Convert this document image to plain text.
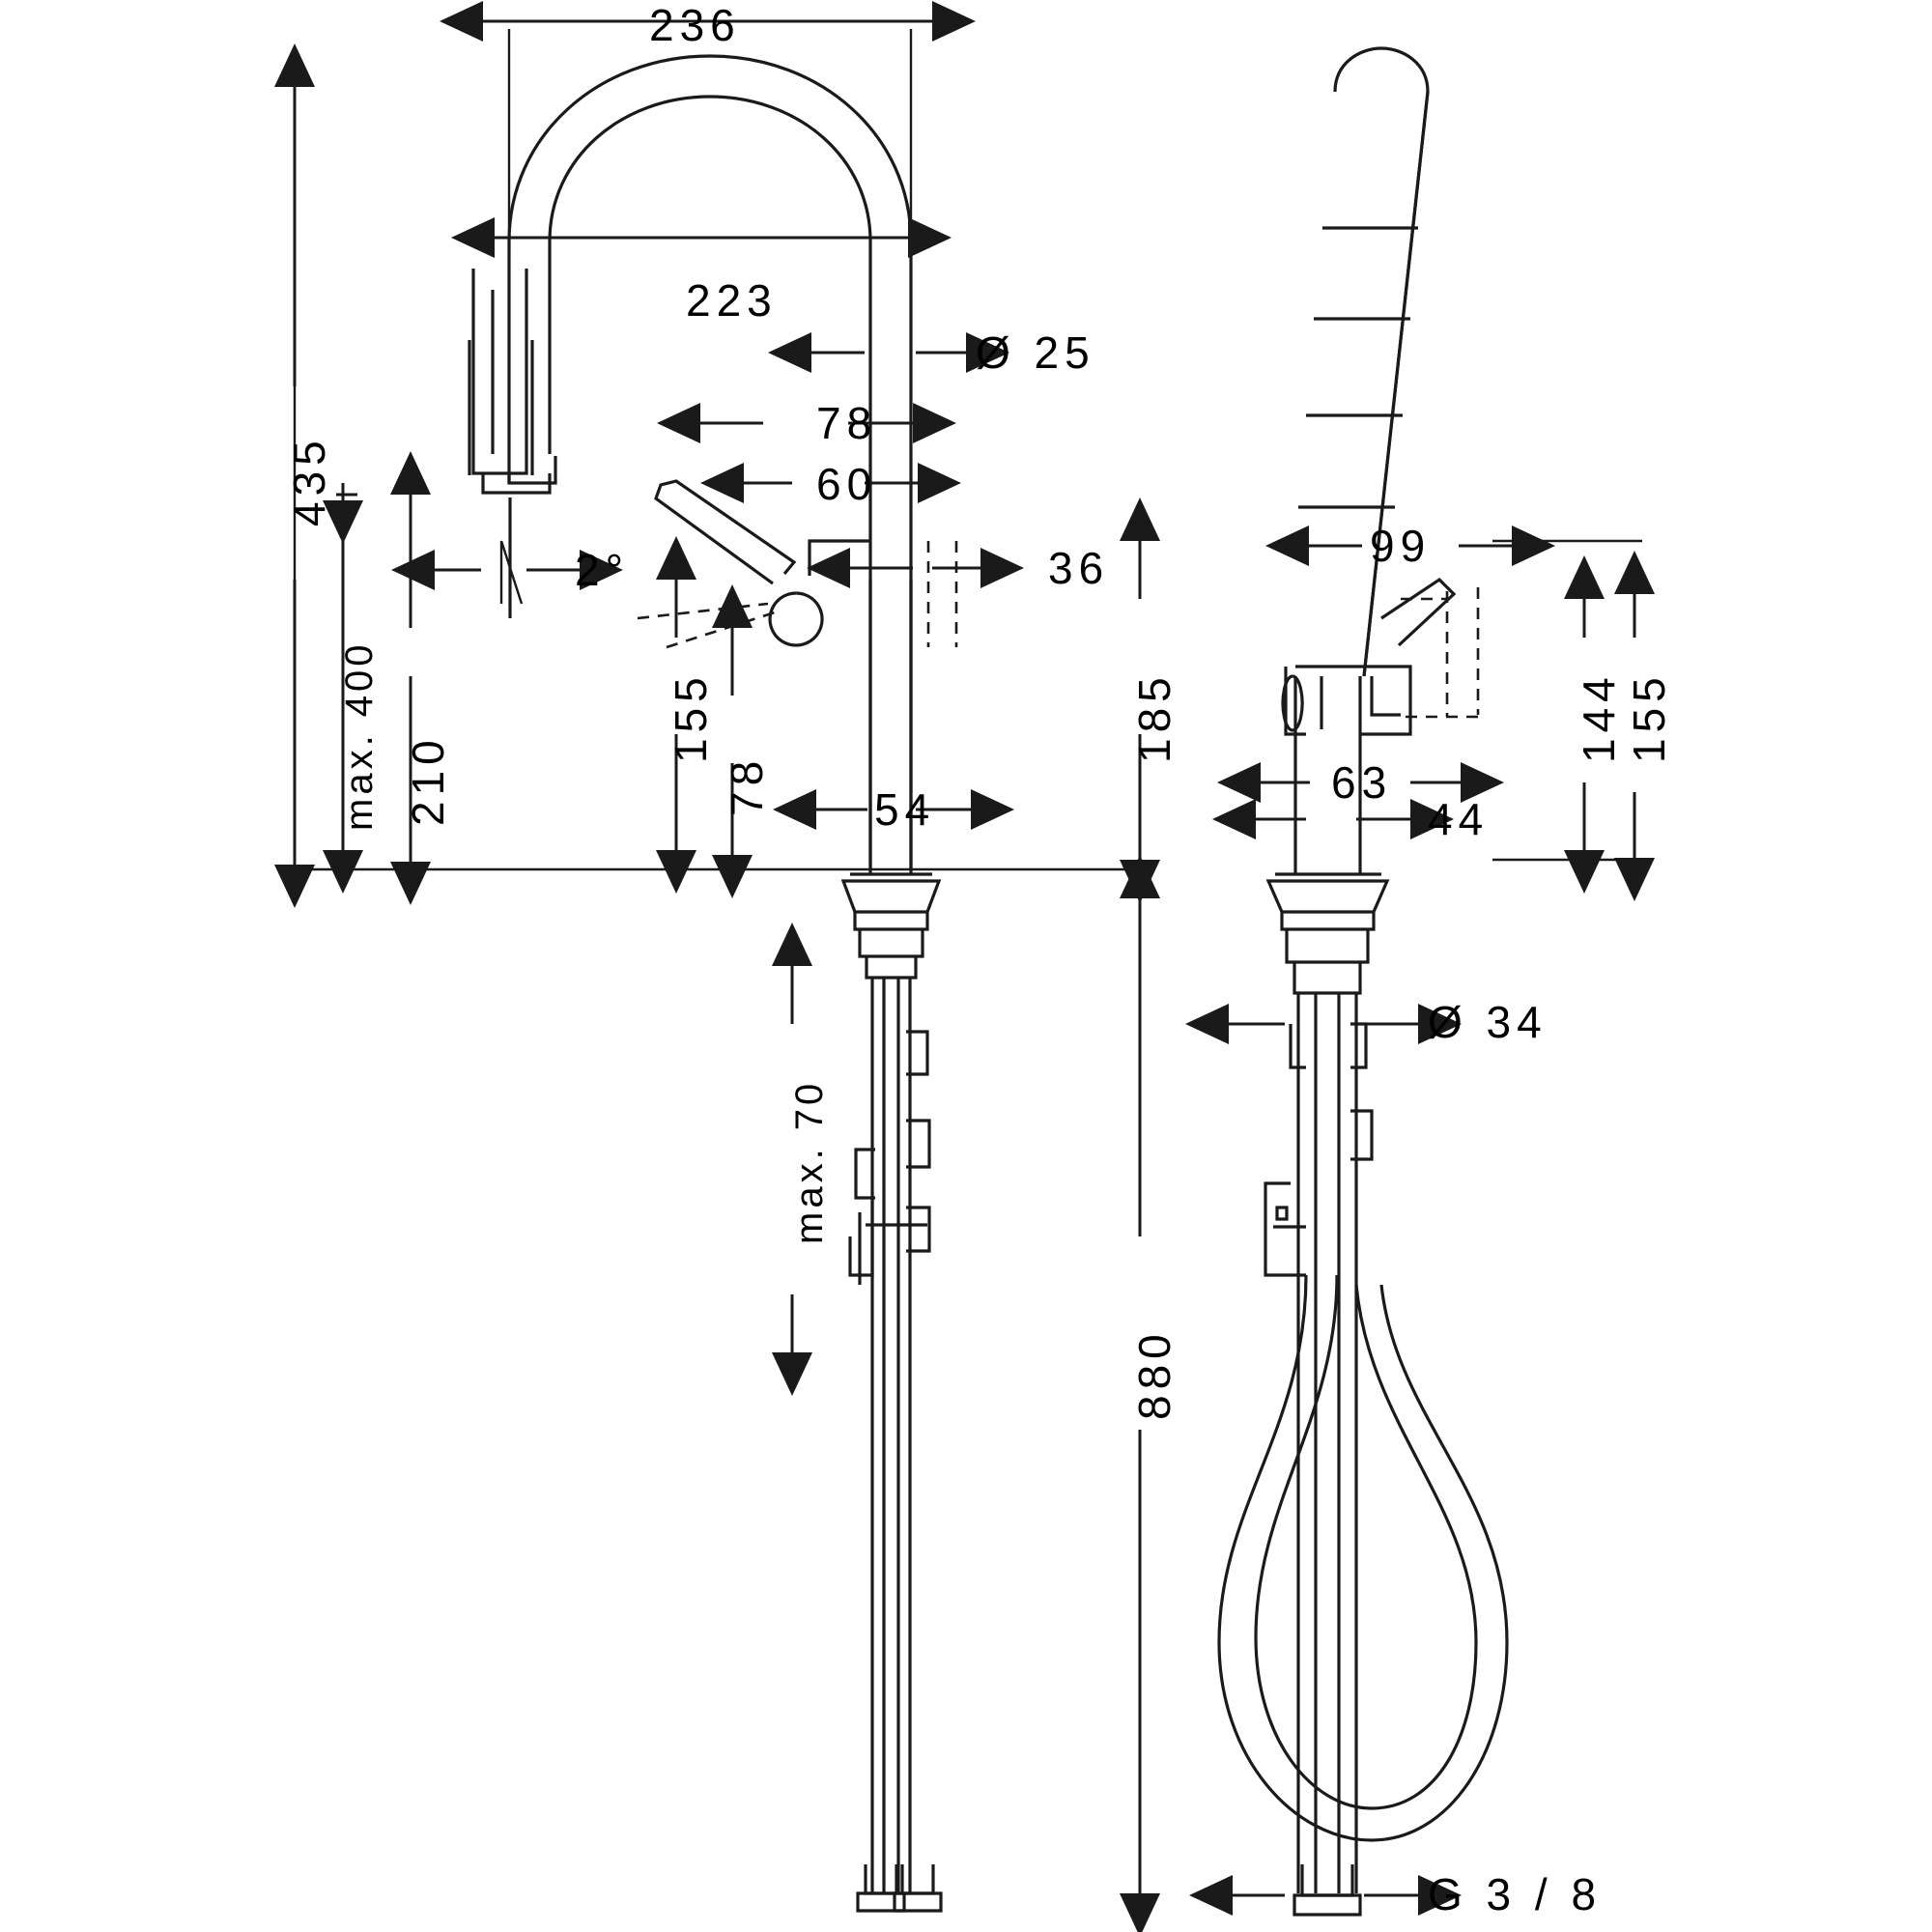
236
223
435
max. 400 210
2°
Ø 25
78
60
36
155
78 54
185
max. 70
880
99
63
44
144 155
Ø 34
G 3 / 8
